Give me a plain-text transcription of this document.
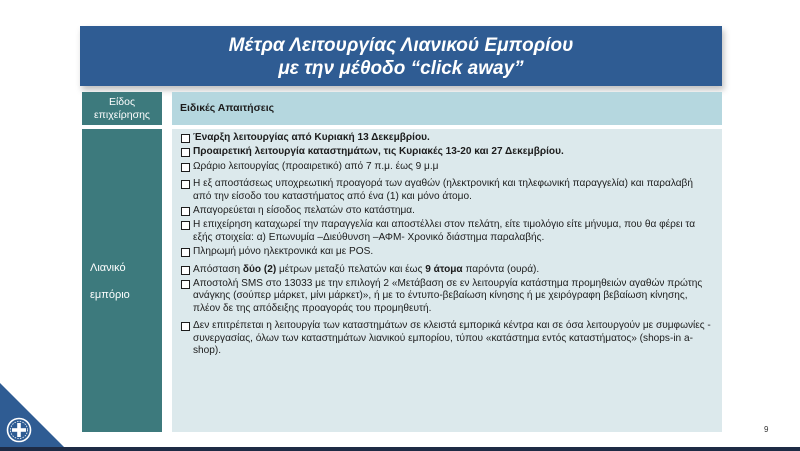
Μέτρα Λειτουργίας Λιανικού Εμπορίου
με την μέθοδο “click away”
Είδος επιχείρησης
Ειδικές Απαιτήσεις
Λιανικό
εμπόριο
Έναρξη λειτουργίας από Κυριακή 13 Δεκεμβρίου.
Προαιρετική λειτουργία καταστημάτων, τις Κυριακές 13-20 και 27 Δεκεμβρίου.
Ωράριο λειτουργίας (προαιρετικό) από 7 π.μ. έως 9 μ.μ
Η εξ αποστάσεως υποχρεωτική προαγορά των αγαθών (ηλεκτρονική και τηλεφωνική παραγγελία) και παραλαβή από την είσοδο του καταστήματος από ένα (1) και μόνο άτομο.
Απαγορεύεται η είσοδος πελατών στο κατάστημα.
Η επιχείρηση καταχωρεί την παραγγελία και αποστέλλει στον πελάτη, είτε τιμολόγιο είτε μήνυμα, που θα φέρει τα εξής στοιχεία: α) Επωνυμία –Διεύθυνση –ΑΦΜ- Χρονικό διάστημα παραλαβής.
Πληρωμή μόνο ηλεκτρονικά και με POS.
Απόσταση δύο (2) μέτρων μεταξύ πελατών και έως 9 άτομα παρόντα (ουρά).
Αποστολή SMS στο 13033 με την επιλογή 2 «Μετάβαση σε εν λειτουργία κατάστημα προμηθειών αγαθών πρώτης ανάγκης (σούπερ μάρκετ, μίνι μάρκετ)», ή με το έντυπο-βεβαίωση κίνησης ή με χειρόγραφη βεβαίωση κίνησης, πλέον δε της απόδειξης προαγοράς του προμηθευτή.
Δεν επιτρέπεται η λειτουργία των καταστημάτων σε κλειστά εμπορικά κέντρα και σε όσα λειτουργούν με συμφωνίες - συνεργασίας, όλων των καταστημάτων λιανικού εμπορίου, τύπου «κατάστημα εντός καταστήματος» (shops-in a-shop).
9
